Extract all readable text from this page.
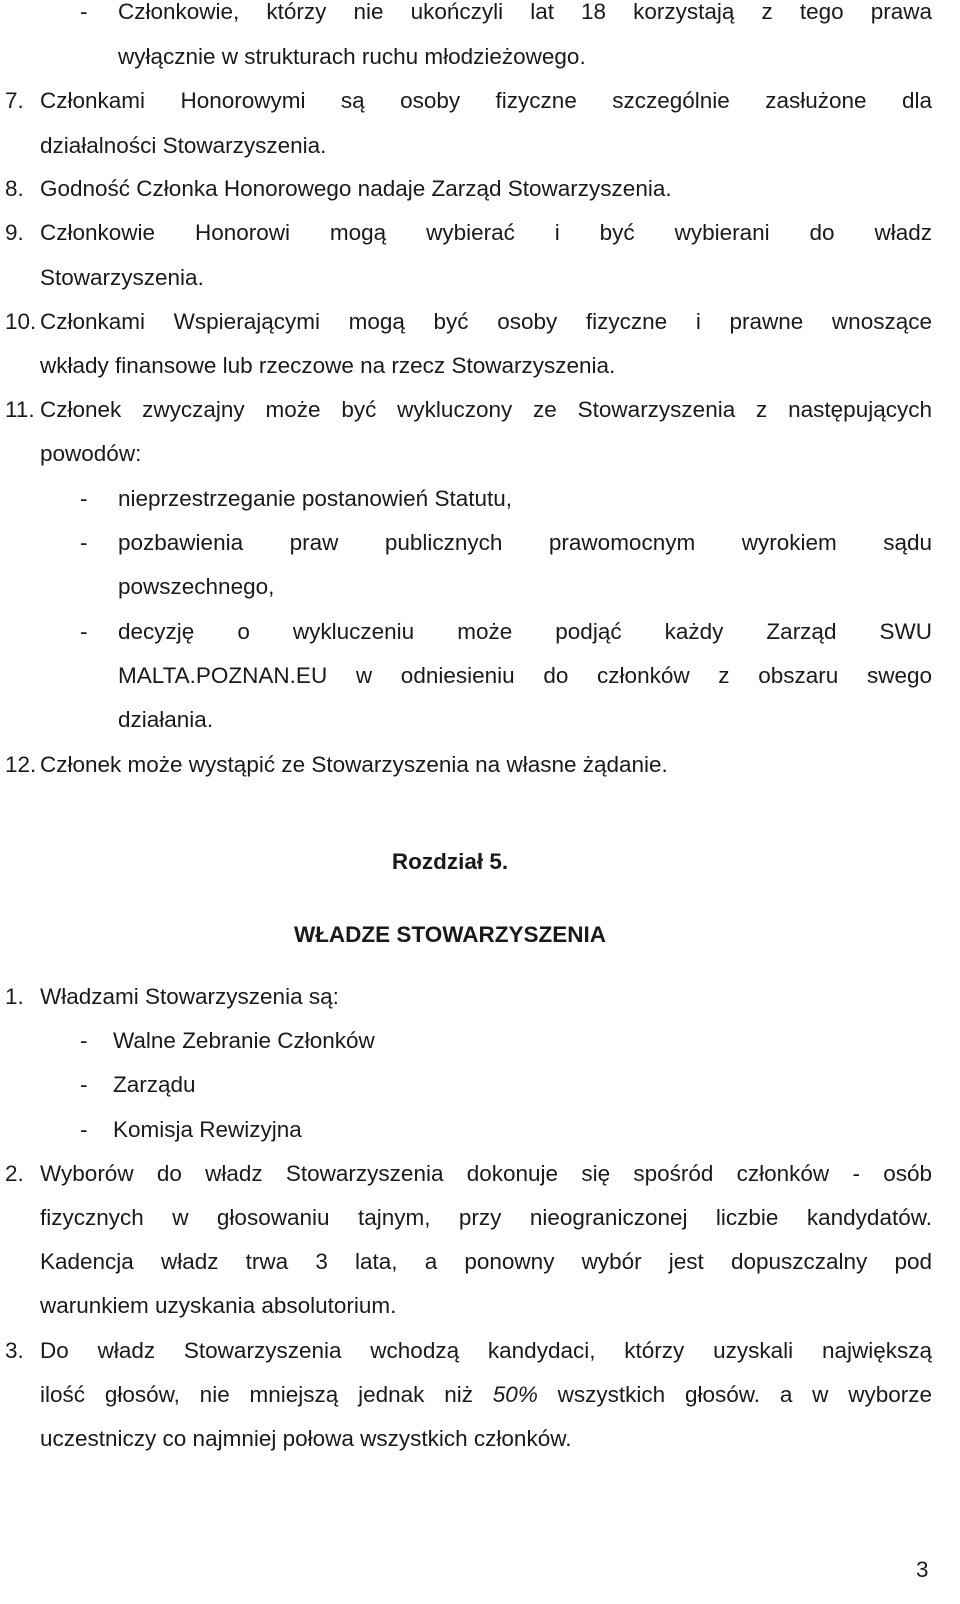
- Członkowie, którzy nie ukończyli lat 18 korzystają z tego prawa
wyłącznie w strukturach ruchu młodzieżowego.
7. Członkami Honorowymi są osoby fizyczne szczególnie zasłużone dla
działalności Stowarzyszenia.
8. Godność Członka Honorowego nadaje Zarząd Stowarzyszenia.
9. Członkowie Honorowi mogą wybierać i być wybierani do władz
Stowarzyszenia.
10. Członkami Wspierającymi mogą być osoby fizyczne i prawne wnoszące
wkłady finansowe lub rzeczowe na rzecz Stowarzyszenia.
11. Członek zwyczajny może być wykluczony ze Stowarzyszenia z następujących
powodów:
- nieprzestrzeganie postanowień Statutu,
- pozbawienia praw publicznych prawomocnym wyrokiem sądu
powszechnego,
- decyzję o wykluczeniu może podjąć każdy Zarząd SWU
MALTA.POZNAN.EU w odniesieniu do członków z obszaru swego
działania.
12. Członek może wystąpić ze Stowarzyszenia na własne żądanie.
Rozdział 5.
WŁADZE STOWARZYSZENIA
1. Władzami Stowarzyszenia są:
- Walne Zebranie Członków
- Zarządu
- Komisja Rewizyjna
2. Wyborów do władz Stowarzyszenia dokonuje się spośród członków - osób
fizycznych w głosowaniu tajnym, przy nieograniczonej liczbie kandydatów.
Kadencja władz trwa 3 lata, a ponowny wybór jest dopuszczalny pod
warunkiem uzyskania absolutorium.
3. Do władz Stowarzyszenia wchodzą kandydaci, którzy uzyskali największą
ilość głosów, nie mniejszą jednak niż 50% wszystkich głosów. a w wyborze
uczestniczy co najmniej połowa wszystkich członków.
3
